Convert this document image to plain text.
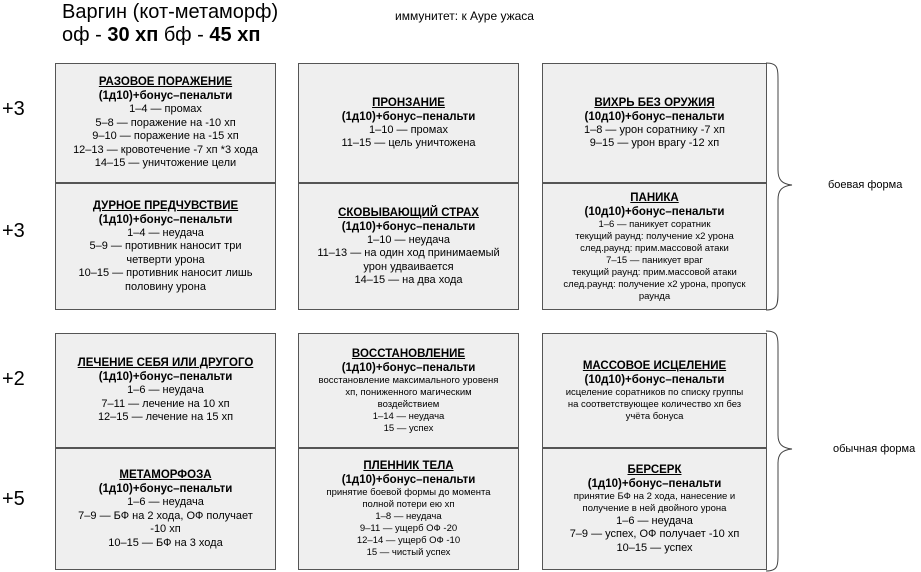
Варгин (кот-метаморф)
оф - 30 хп бф - 45 хп
иммунитет: к Ауре ужаса
+3
+3
+2
+5
РАЗОВОЕ ПОРАЖЕНИЕ
(1д10)+бонус–пенальти
1–4 — промах
5–8 — поражение на -10 хп
9–10 — поражение на -15 хп
12–13 — кровотечение -7 хп *3 хода
14–15 — уничтожение цели
ПРОНЗАНИЕ
(1д10)+бонус–пенальти
1–10 — промах
11–15 — цель уничтожена
ВИХРЬ БЕЗ ОРУЖИЯ
(10д10)+бонус–пенальти
1–8 — урон соратнику -7 хп
9–15 — урон врагу -12 хп
ДУРНОЕ ПРЕДЧУВСТВИЕ
(1д10)+бонус–пенальти
1–4 — неудача
5–9 — противник наносит три
четверти урона
10–15 — противник наносит лишь
половину урона
СКОВЫВАЮЩИЙ СТРАХ
(1д10)+бонус–пенальти
1–10 — неудача
11–13 — на один ход принимаемый
урон удваивается
14–15 — на два хода
ПАНИКА
(10д10)+бонус–пенальти
1–6 — паникует соратник
текущий раунд: получение х2 урона
след.раунд: прим.массовой атаки
7–15 — паникует враг
текущий раунд: прим.массовой атаки
след.раунд: получение х2 урона, пропуск
раунда
ЛЕЧЕНИЕ СЕБЯ ИЛИ ДРУГОГО
(1д10)+бонус–пенальти
1–6 — неудача
7–11 — лечение на 10 хп
12–15 — лечение на 15 хп
ВОССТАНОВЛЕНИЕ
(1д10)+бонус–пенальти
восстановление максимального уровеня
хп, пониженного магическим
воздействием
1–14 — неудача
15 — успех
МАССОВОЕ ИСЦЕЛЕНИЕ
(10д10)+бонус–пенальти
исцеление соратников по списку группы
на соответствующее количество хп без
учёта бонуса
МЕТАМОРФОЗА
(1д10)+бонус–пенальти
1–6 — неудача
7–9 — БФ на 2 хода, ОФ получает
-10 хп
10–15 — БФ на 3 хода
ПЛЕННИК ТЕЛА
(1д10)+бонус–пенальти
принятие боевой формы до момента
полной потери ею хп
1–8 — неудача
9–11 — ущерб ОФ -20
12–14 — ущерб ОФ -10
15 — чистый успех
БЕРСЕРК
(1д10)+бонус–пенальти
принятие БФ на 2 хода, нанесение и
получение в ней двойного урона
1–6 — неудача
7–9 — успех, ОФ получает -10 хп
10–15 — успех
боевая форма
обычная форма
